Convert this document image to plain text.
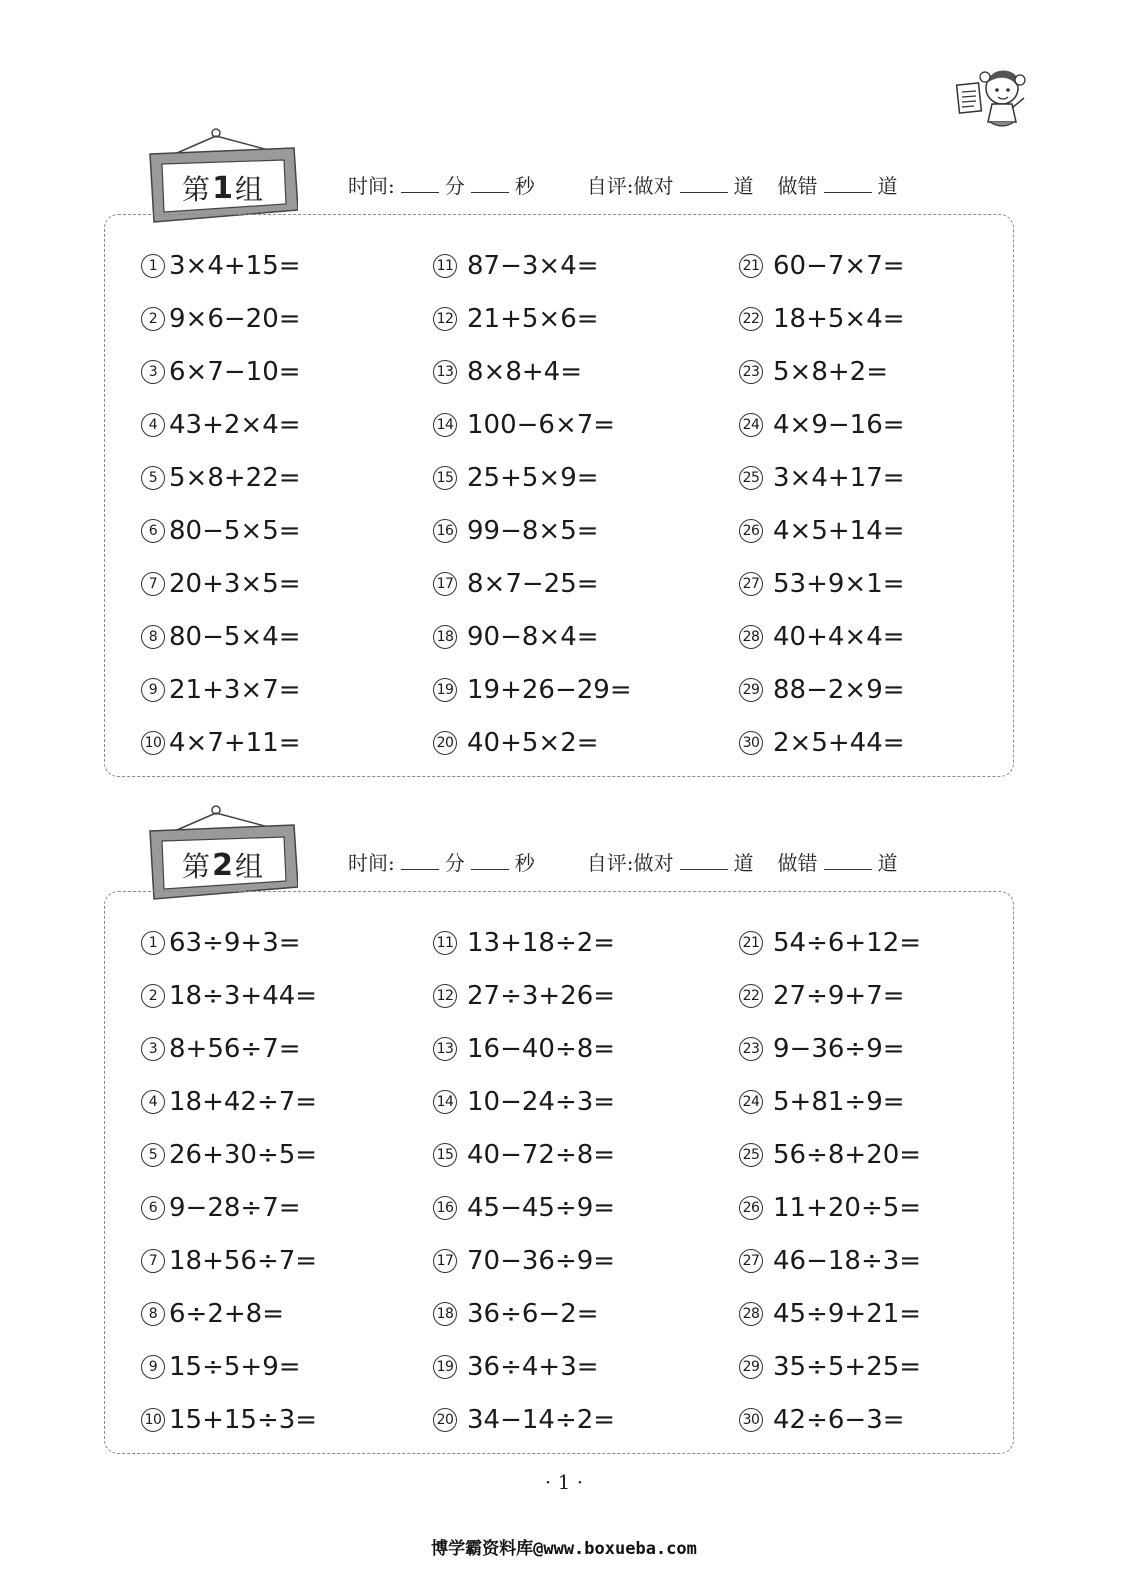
第 1 组	时间:	分	秒	自评:做对	道 做错	道
1 3×4+15=
2 9×6−20=
3 6×7−10=
4 43+2×4=
5 5×8+22=
6 80−5×5=
7 20+3×5=
8 80−5×4=
9 21+3×7=
10 4×7+11=
11 87−3×4=
12 21+5×6=
13 8×8+4=
14 100−6×7=
15 25+5×9=
16 99−8×5=
17 8×7−25=
18 90−8×4=
19 19+26−29=
20 40+5×2=
21 60−7×7=
22 18+5×4=
23 5×8+2=
24 4×9−16=
25 3×4+17=
26 4×5+14=
27 53+9×1=
28 40+4×4=
29 88−2×9=
30 2×5+44=
第 2 组	时间:	分	秒	自评:做对	道 做错	道
1 63÷9+3=
2 18÷3+44=
3 8+56÷7=
4 18+42÷7=
5 26+30÷5=
6 9−28÷7=
7 18+56÷7=
8 6÷2+8=
9 15÷5+9=
10 15+15÷3=
11 13+18÷2=
12 27÷3+26=
13 16−40÷8=
14 10−24÷3=
15 40−72÷8=
16 45−45÷9=
17 70−36÷9=
18 36÷6−2=
19 36÷4+3=
20 34−14÷2=
21 54÷6+12=
22 27÷9+7=
23 9−36÷9=
24 5+81÷9=
25 56÷8+20=
26 11+20÷5=
27 46−18÷3=
28 45÷9+21=
29 35÷5+25=
30 42÷6−3=
· 1 ·
博学霸资料库@www.boxueba.com
